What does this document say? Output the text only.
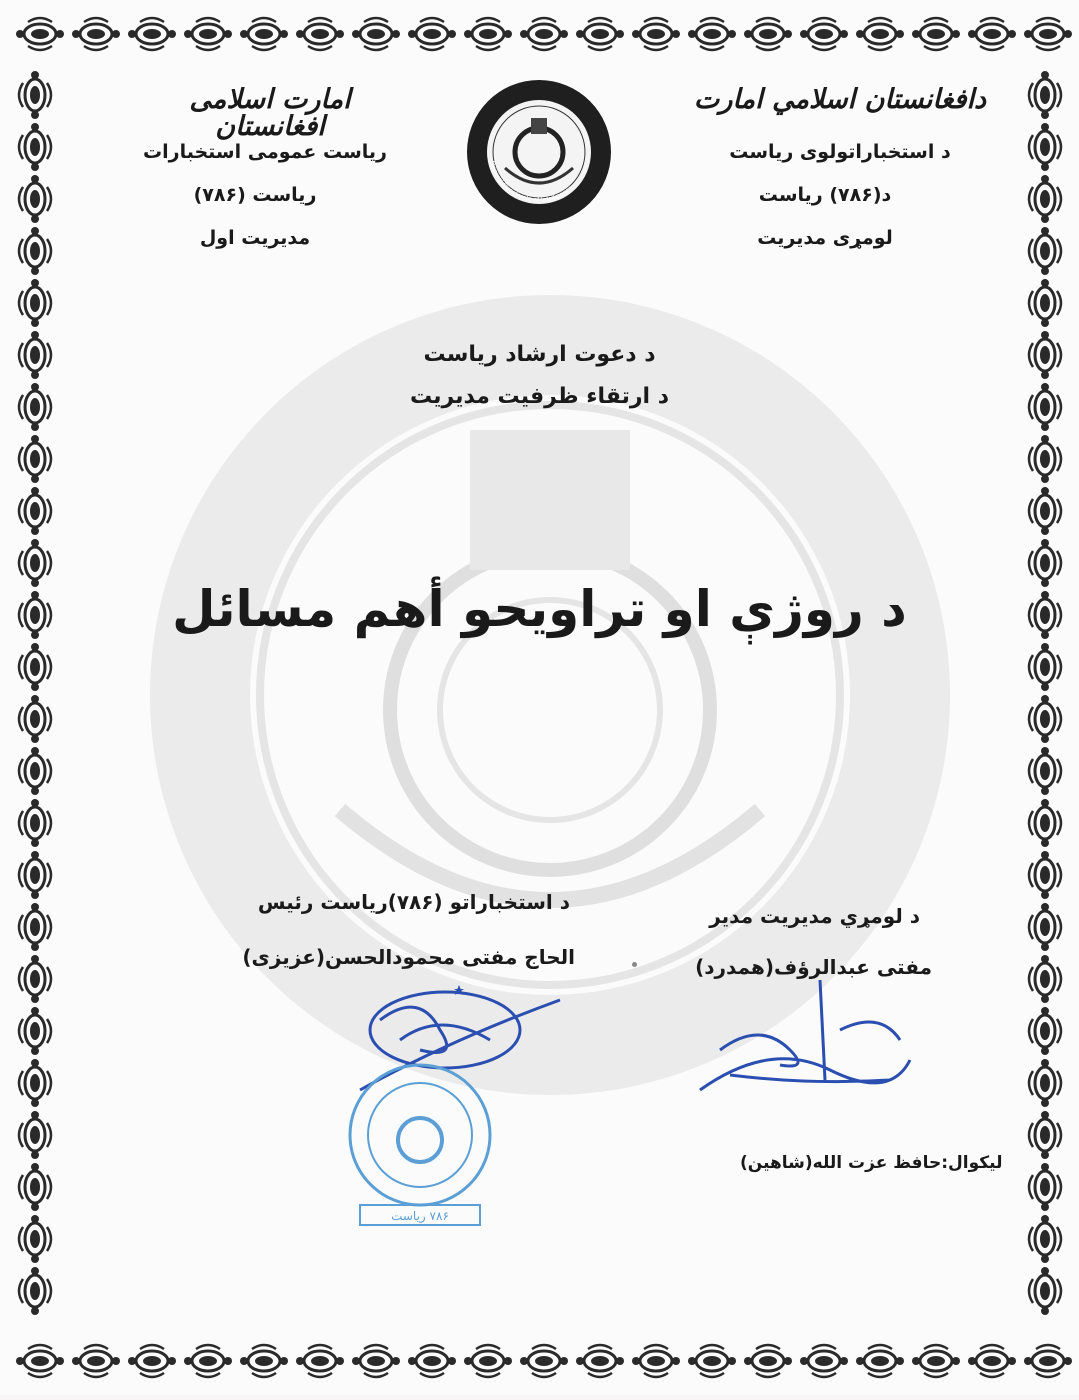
دافغانستان اسلامي امارت
د استخباراتولوی ریاست
د(۷۸۶) ریاست
لومړی مدیریت
امارت اسلامی افغانستان
ریاست عمومی استخبارات
ریاست (۷۸۶)
مدیریت اول
General Directorate of Intelligence
د دعوت ارشاد ریاست
د ارتقاء ظرفیت مدیریت
د روژې او تراویحو أهم مسائل
د استخباراتو (۷۸۶)ریاست رئیس
الحاج مفتی محمودالحسن(عزیزی)
د لومړي مدیریت مدیر
مفتی عبدالرؤف(همدرد)
۷۸۶ ریاست
لیکوال:حافظ عزت الله(شاهین)
